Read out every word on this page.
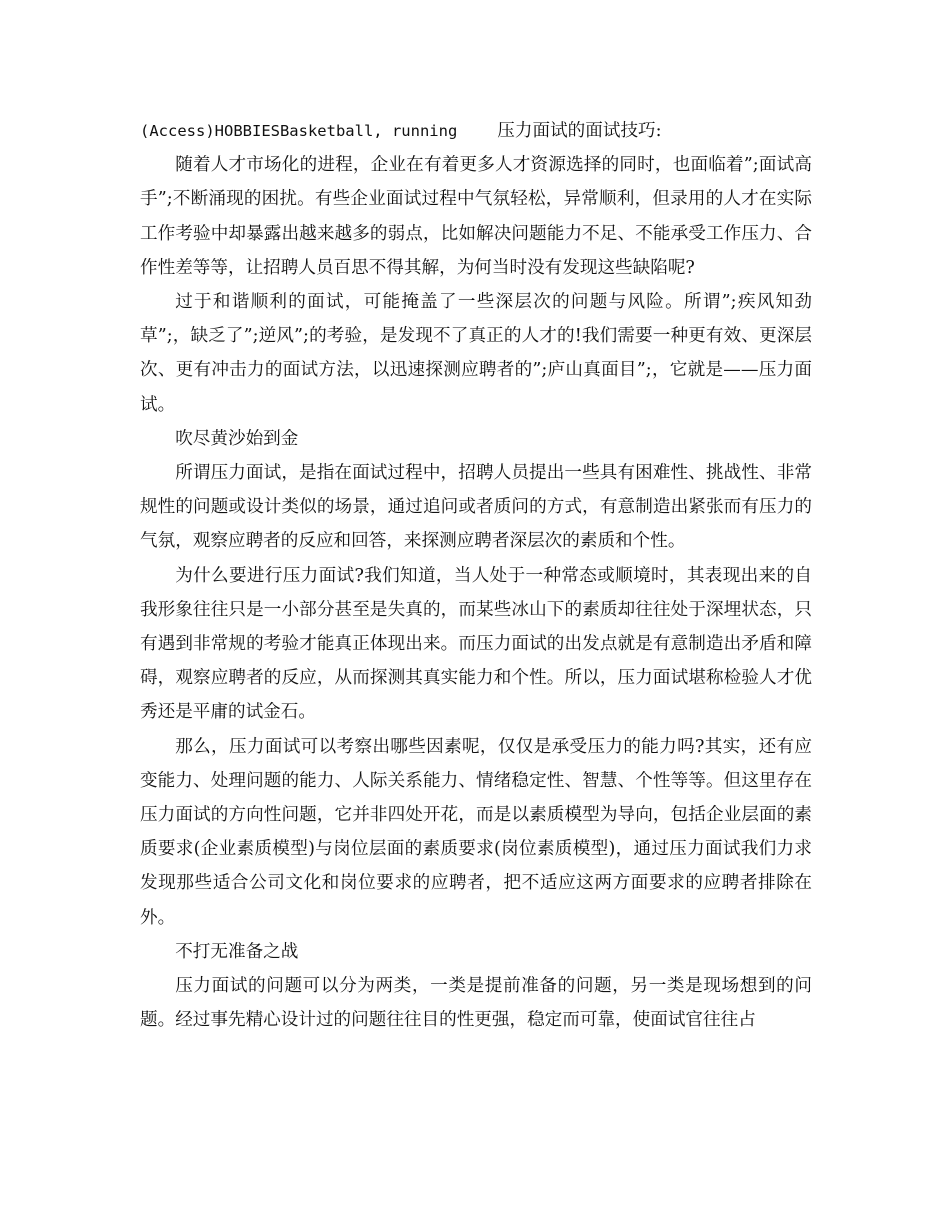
(Access)HOBBIESBasketball, running 压力面试的面试技巧:

随着人才市场化的进程，企业在有着更多人才资源选择的同时，也面临着”;面试高手”;不断涌现的困扰。有些企业面试过程中气氛轻松，异常顺利，但录用的人才在实际工作考验中却暴露出越来越多的弱点，比如解决问题能力不足、不能承受工作压力、合作性差等等，让招聘人员百思不得其解，为何当时没有发现这些缺陷呢?

过于和谐顺利的面试，可能掩盖了一些深层次的问题与风险。所谓”;疾风知劲草”;，缺乏了”;逆风”;的考验，是发现不了真正的人才的!我们需要一种更有效、更深层次、更有冲击力的面试方法，以迅速探测应聘者的”;庐山真面目”;，它就是——压力面试。

吹尽黄沙始到金

所谓压力面试，是指在面试过程中，招聘人员提出一些具有困难性、挑战性、非常规性的问题或设计类似的场景，通过追问或者质问的方式，有意制造出紧张而有压力的气氛，观察应聘者的反应和回答，来探测应聘者深层次的素质和个性。

为什么要进行压力面试?我们知道，当人处于一种常态或顺境时，其表现出来的自我形象往往只是一小部分甚至是失真的，而某些冰山下的素质却往往处于深埋状态，只有遇到非常规的考验才能真正体现出来。而压力面试的出发点就是有意制造出矛盾和障碍，观察应聘者的反应，从而探测其真实能力和个性。所以，压力面试堪称检验人才优秀还是平庸的试金石。

那么，压力面试可以考察出哪些因素呢，仅仅是承受压力的能力吗?其实，还有应变能力、处理问题的能力、人际关系能力、情绪稳定性、智慧、个性等等。但这里存在压力面试的方向性问题，它并非四处开花，而是以素质模型为导向，包括企业层面的素质要求(企业素质模型)与岗位层面的素质要求(岗位素质模型)，通过压力面试我们力求发现那些适合公司文化和岗位要求的应聘者，把不适应这两方面要求的应聘者排除在外。

不打无准备之战

压力面试的问题可以分为两类，一类是提前准备的问题，另一类是现场想到的问题。经过事先精心设计过的问题往往目的性更强，稳定而可靠，使面试官往往占
